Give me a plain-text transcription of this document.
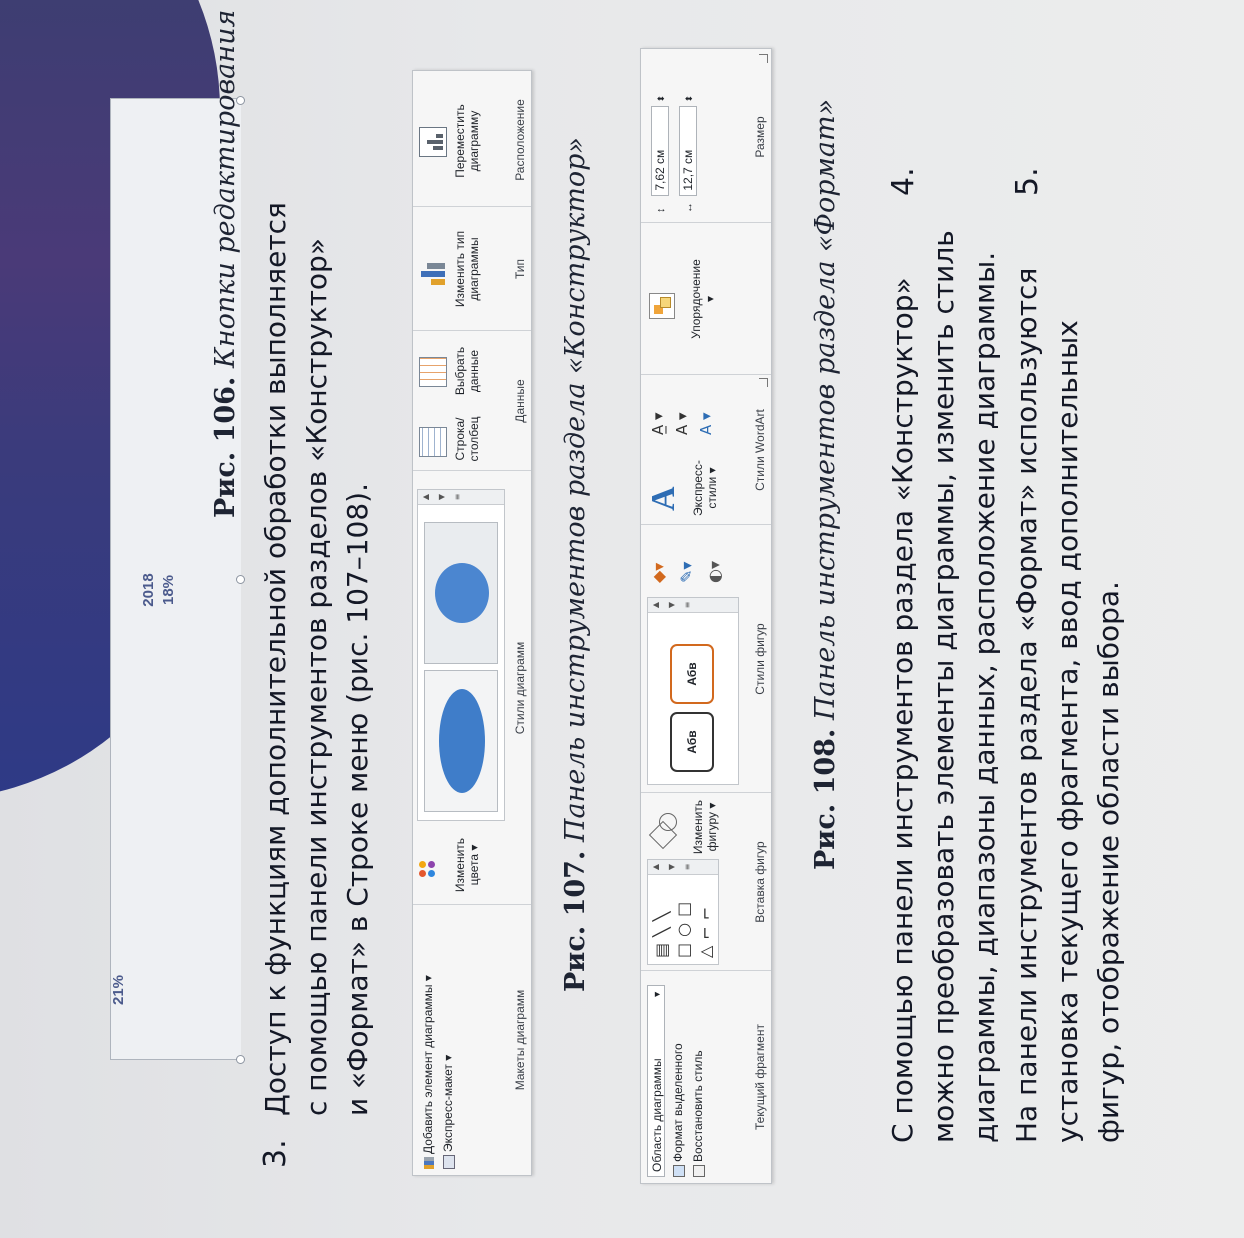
21%
2018 18%
Рис. 106. Кнопки редактирования
3.
Доступ к функциям дополнительной обработки выполняется с помощью панели инструментов разделов «Конструктор» и «Формат» в Строке меню (рис. 107–108).	Добавить элемент диаграммы ▾ Экспресс-макет ▾
Макеты диаграмм
Изменить цвета ▾
▲ ▼ ≡
Стили диаграмм
Строка/ столбец
Выбрать данные
Данные
Изменить тип диаграммы	Тип
Переместить диаграмму	Расположение
Рис. 107. Панель инструментов раздела «Конструктор»
Область диаграммы
▼
Формат выделенного Восстановить стиль	Текущий фрагмент
▤╲╲ □○□ △⌐⌐
▲ ▼ ≡
Изменить фигуру ▾
Вставка фигур
Абв
Абв
▲ ▼ ≡
◆▾ ✎▾ ◐▾
Стили фигур
A Экспресс- стили ▾
A̲ ▾ A ▾ A ▾	Стили WordArt
Упорядочение ▾
↕ 7,62 см ⬍
↔ 12,7 см ⬍
Размер
Рис. 108. Панель инструментов раздела «Формат» 4.
С помощью панели инструментов раздела «Конструктор» можно преобразовать элементы диаграммы, изменить стиль диаграммы, диапазоны данных, расположение диаграммы.
5.
На панели инструментов раздела «Формат» используются установка текущего фрагмента, ввод дополнительных фигур, отображение области выбора.
